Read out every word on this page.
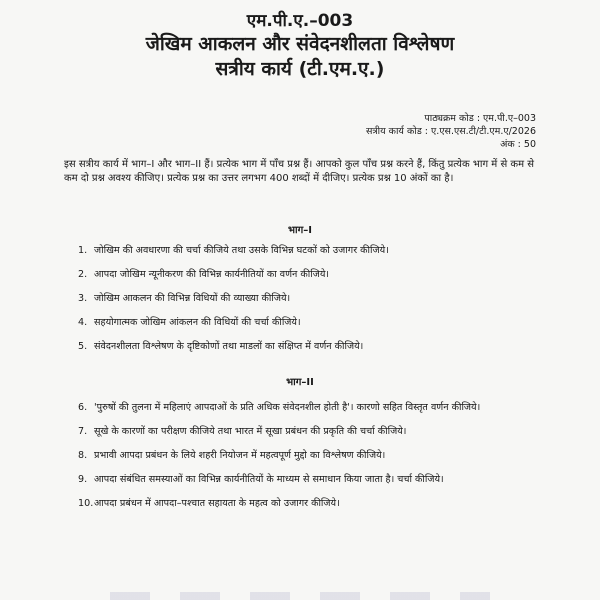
एम.पी.ए.–003
जेखिम आकलन और संवेदनशीलता विश्लेषण
सत्रीय कार्य (टी.एम.ए.)
पाठ्यक्रम कोड : एम.पी.ए–003
सत्रीय कार्य कोड : ए.एस.एस.टी/टी.एम.ए/2026
अंक : 50
इस सत्रीय कार्य में भाग–I और भाग–II हैं। प्रत्येक भाग में पाँच प्रश्न हैं। आपको कुल पाँच प्रश्न करने हैं, किंतु प्रत्येक भाग में से कम से कम दो प्रश्न अवश्य कीजिए। प्रत्येक प्रश्न का उत्तर लगभग 400 शब्दों में दीजिए। प्रत्येक प्रश्न 10 अंकों का है।
भाग–I
1. जोखिम की अवधारणा की चर्चा कीजिये तथा उसके विभिन्न घटकों को उजागर कीजिये।
2. आपदा जोखिम न्यूनीकरण की विभिन्न कार्यनीतियों का वर्णन कीजिये।
3. जोखिम आकलन की विभिन्न विधियों की व्याख्या कीजिये।
4. सहयोगात्मक जोखिम आंकलन की विधियों की चर्चा कीजिये।
5. संवेदनशीलता विश्लेषण के दृष्टिकोणों तथा माडलों का संक्षिप्त में वर्णन कीजिये।
भाग–II
6. 'पुरुषों की तुलना में महिलाएं आपदाओं के प्रति अधिक संवेदनशील होती है'। कारणो सहित विस्तृत वर्णन कीजिये।
7. सूखे के कारणों का परीक्षण कीजिये तथा भारत में सूखा प्रबंधन की प्रकृति की चर्चा कीजिये।
8. प्रभावी आपदा प्रबंधन के लिये शहरी नियोजन में महत्वपूर्ण मुद्दो का विश्लेषण कीजिये।
9. आपदा संबंधित समस्याओं का विभिन्न कार्यनीतियों के माध्यम से समाधान किया जाता है। चर्चा कीजिये।
10. आपदा प्रबंधन में आपदा–पश्चात सहायता के महत्व को उजागर कीजिये।
